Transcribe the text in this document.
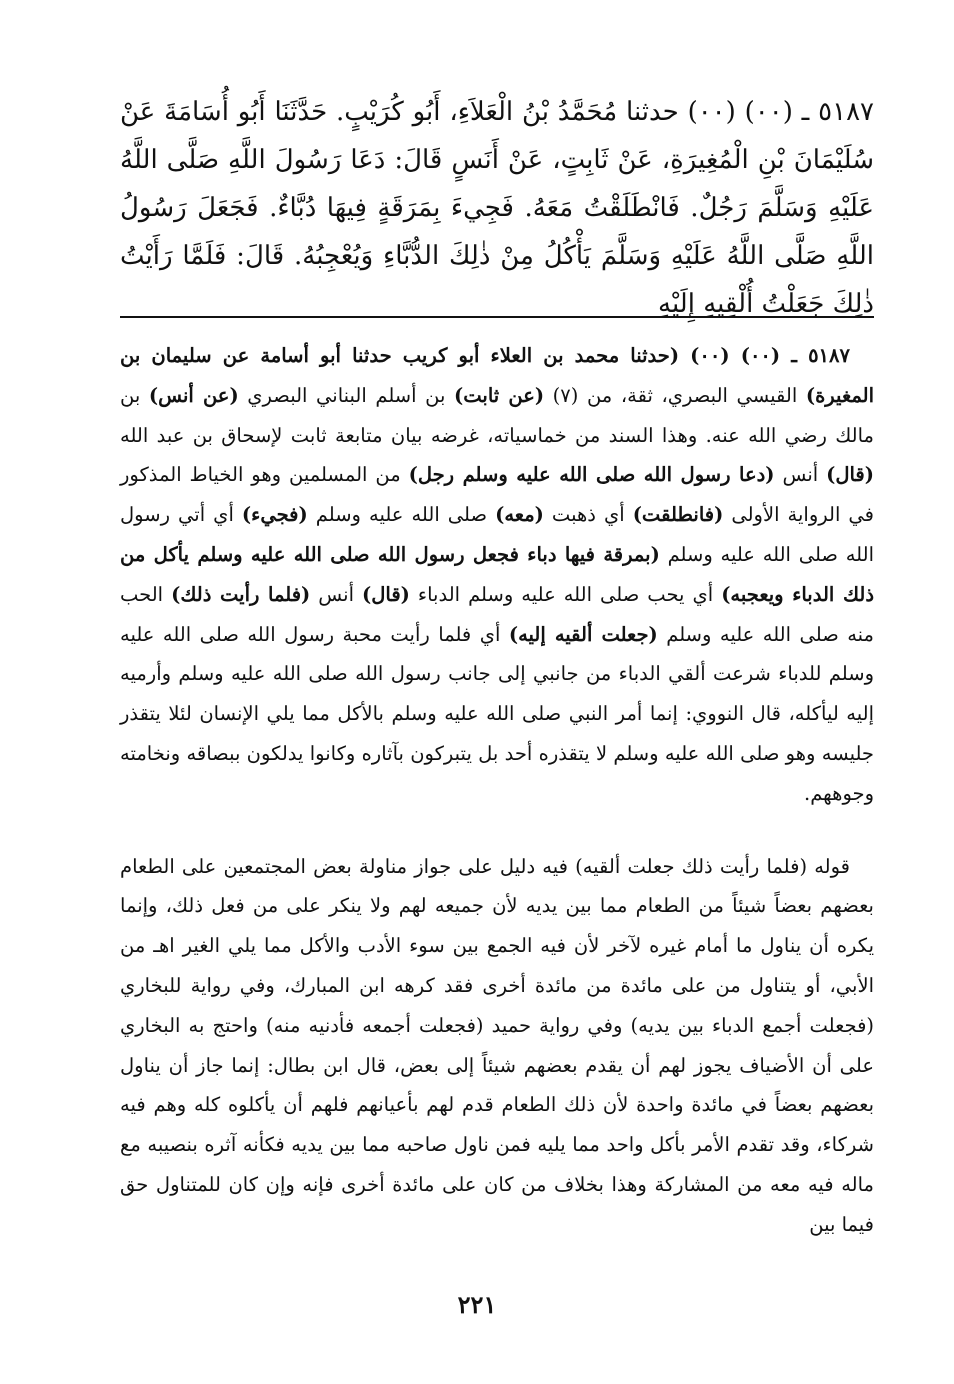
٥١٨٧ ـ (٠٠) (٠٠) حدثنا مُحَمَّدُ بْنُ الْعَلاَءِ، أَبُو كُرَيْبٍ. حَدَّثَنَا أَبُو أُسَامَةَ عَنْ سُلَيْمَانَ بْنِ الْمُغِيرَةِ، عَنْ ثَابِتٍ، عَنْ أَنَسٍ قَالَ: دَعَا رَسُولَ اللَّهِ صَلَّى اللَّهُ عَلَيْهِ وَسَلَّمَ رَجُلٌ. فَانْطَلَقْتُ مَعَهُ. فَجِيءَ بِمَرَقَةٍ فِيهَا دُبَّاءٌ. فَجَعَلَ رَسُولُ اللَّهِ صَلَّى اللَّهُ عَلَيْهِ وَسَلَّمَ يَأْكُلُ مِنْ ذٰلِكَ الدُّبَّاءِ وَيُعْجِبُهُ. قَالَ: فَلَمَّا رَأَيْتُ ذٰلِكَ جَعَلْتُ أُلْقِيهِ إِلَيْهِ

٥١٨٧ ـ (٠٠) (٠٠) (حدثنا محمد بن العلاء أبو كريب حدثنا أبو أسامة عن سليمان بن المغيرة) القيسي البصري، ثقة، من (٧) (عن ثابت) بن أسلم البناني البصري (عن أنس) بن مالك رضي الله عنه. وهذا السند من خماسياته، غرضه بيان متابعة ثابت لإسحاق بن عبد الله (قال) أنس (دعا رسول الله صلى الله عليه وسلم رجل) من المسلمين وهو الخياط المذكور في الرواية الأولى (فانطلقت) أي ذهبت (معه) صلى الله عليه وسلم (فجيء) أي أتي رسول الله صلى الله عليه وسلم (بمرقة فيها دباء فجعل رسول الله صلى الله عليه وسلم يأكل من ذلك الدباء ويعجبه) أي يحب صلى الله عليه وسلم الدباء (قال) أنس (فلما رأيت ذلك) الحب منه صلى الله عليه وسلم (جعلت ألقيه إليه) أي فلما رأيت محبة رسول الله صلى الله عليه وسلم للدباء شرعت ألقي الدباء من جانبي إلى جانب رسول الله صلى الله عليه وسلم وأرميه إليه ليأكله، قال النووي: إنما أمر النبي صلى الله عليه وسلم بالأكل مما يلي الإنسان لئلا يتقذر جليسه وهو صلى الله عليه وسلم لا يتقذره أحد بل يتبركون بآثاره وكانوا يدلكون ببصاقه ونخامته وجوههم.

قوله (فلما رأيت ذلك جعلت ألقيه) فيه دليل على جواز مناولة بعض المجتمعين على الطعام بعضهم بعضاً شيئاً من الطعام مما بين يديه لأن جميعه لهم ولا ينكر على من فعل ذلك، وإنما يكره أن يناول ما أمام غيره لآخر لأن فيه الجمع بين سوء الأدب والأكل مما يلي الغير اهـ من الأبي، أو يتناول من على مائدة من مائدة أخرى فقد كرهه ابن المبارك، وفي رواية للبخاري (فجعلت أجمع الدباء بين يديه) وفي رواية حميد (فجعلت أجمعه فأدنيه منه) واحتج به البخاري على أن الأضياف يجوز لهم أن يقدم بعضهم شيئاً إلى بعض، قال ابن بطال: إنما جاز أن يناول بعضهم بعضاً في مائدة واحدة لأن ذلك الطعام قدم لهم بأعيانهم فلهم أن يأكلوه كله وهم فيه شركاء، وقد تقدم الأمر بأكل واحد مما يليه فمن ناول صاحبه مما بين يديه فكأنه آثره بنصيبه مع ماله فيه معه من المشاركة وهذا بخلاف من كان على مائدة أخرى فإنه وإن كان للمتناول حق فيما بين

٢٢١
